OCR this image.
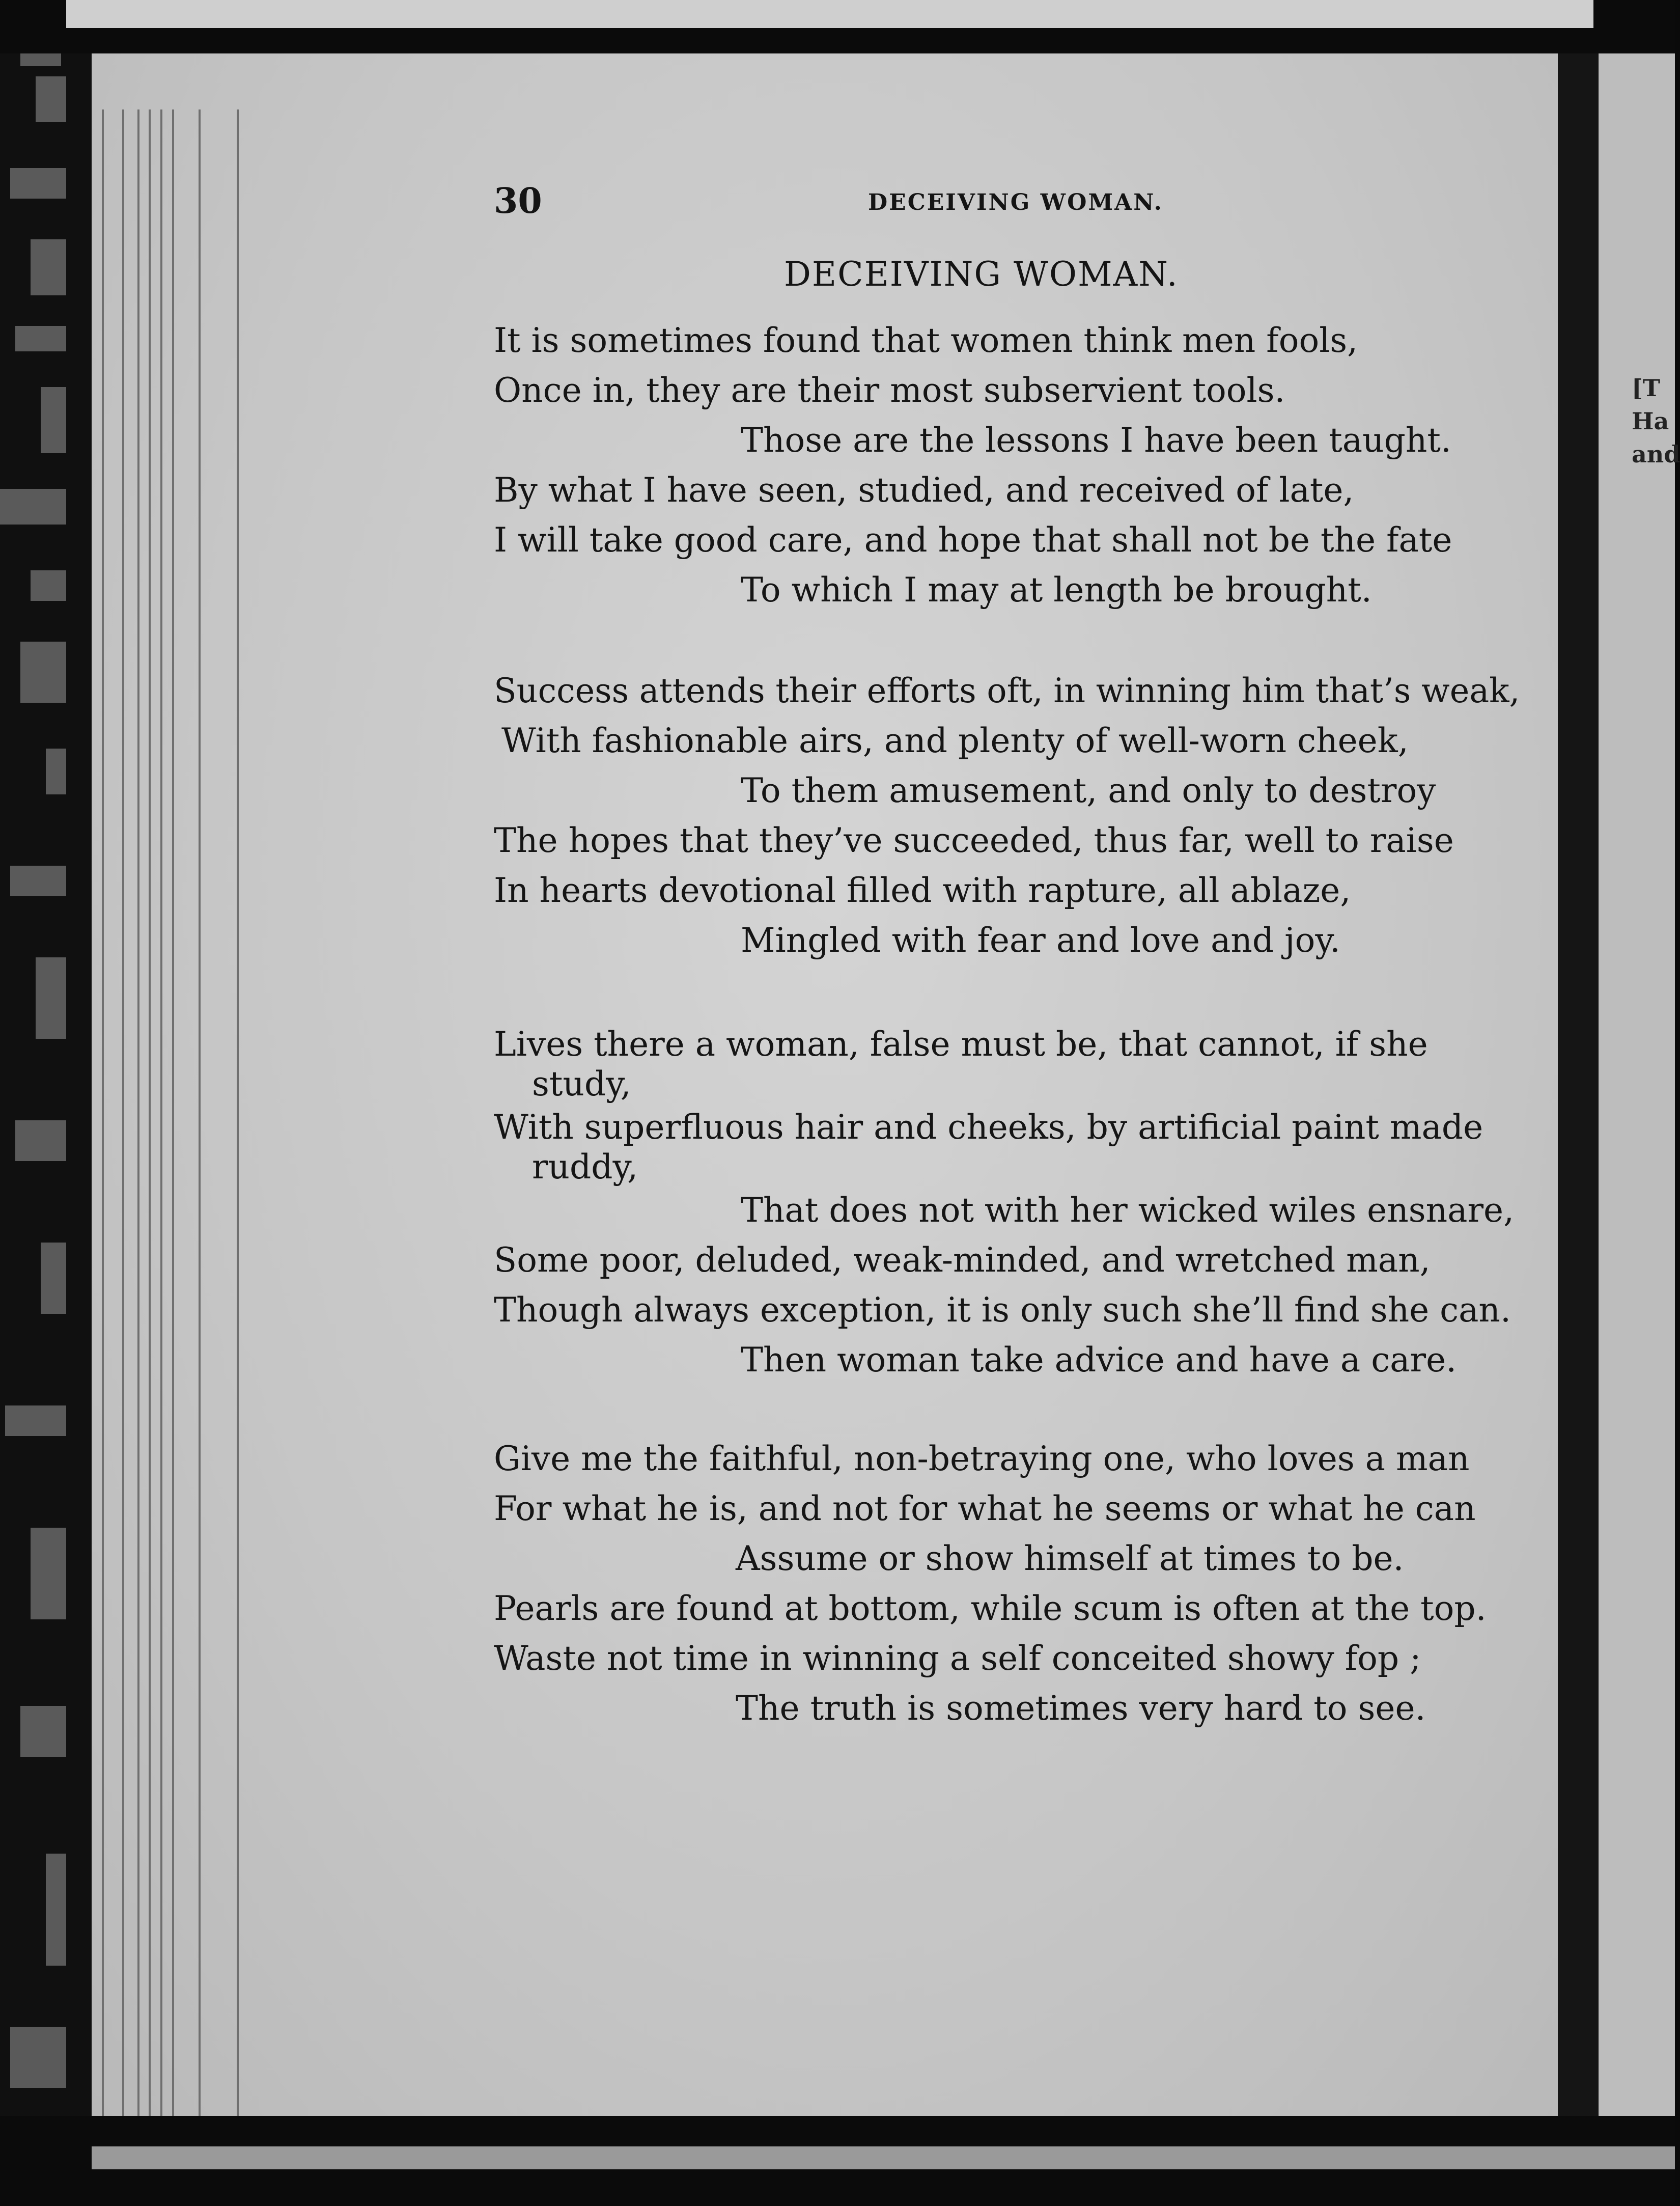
[T
Ha
and
30	DECEIVING WOMAN.
DECEIVING WOMAN.
It is sometimes found that women think men fools,
Once in, they are their most subservient tools.
Those are the lessons I have been taught.
By what I have seen, studied, and received of late,
I will take good care, and hope that shall not be the fate
To which I may at length be brought.
Success attends their efforts oft, in winning him that’s weak,
With fashionable airs, and plenty of well-worn cheek,
To them amusement, and only to destroy
The hopes that they’ve succeeded, thus far, well to raise
In hearts devotional filled with rapture, all ablaze,
Mingled with fear and love and joy.
Lives there a woman, false must be, that cannot, if she
study,
With superfluous hair and cheeks, by artificial paint made
ruddy,
That does not with her wicked wiles ensnare,
Some poor, deluded, weak-minded, and wretched man,
Though always exception, it is only such she’ll find she can.
Then woman take advice and have a care.
Give me the faithful, non-betraying one, who loves a man
For what he is, and not for what he seems or what he can
Assume or show himself at times to be.
Pearls are found at bottom, while scum is often at the top.
Waste not time in winning a self conceited showy fop ;
The truth is sometimes very hard to see.
